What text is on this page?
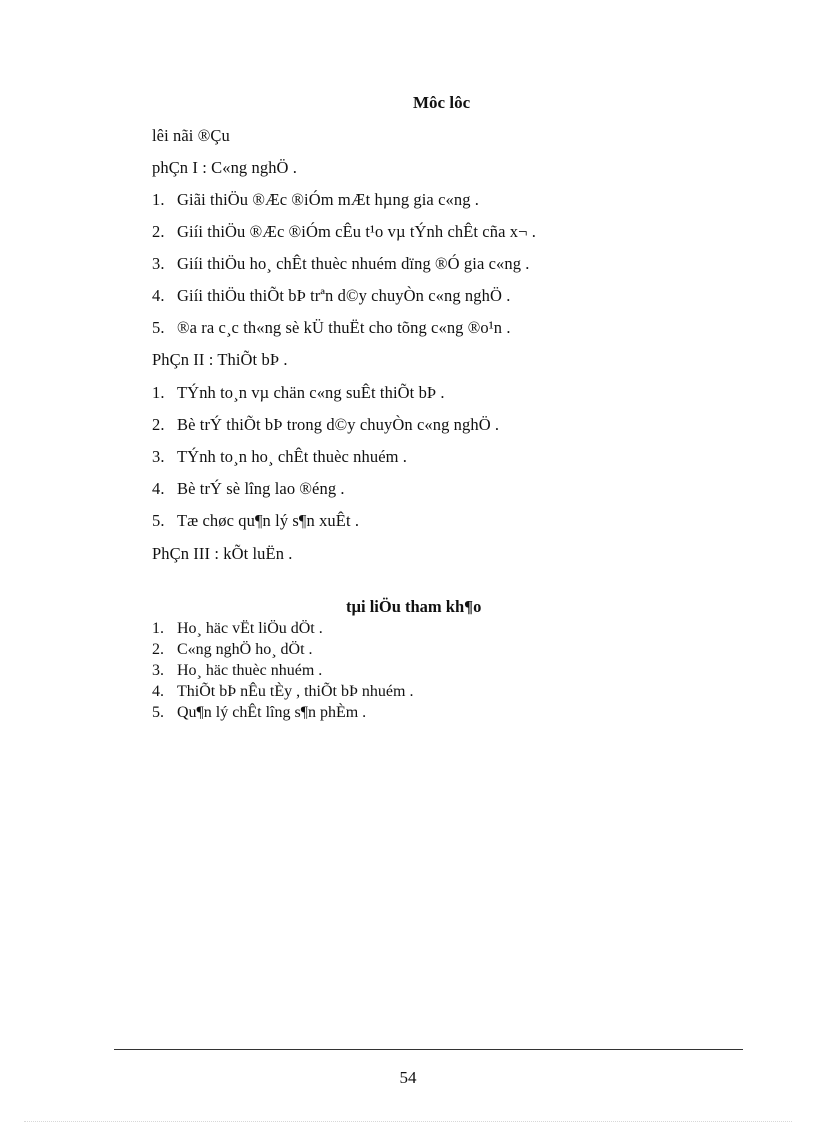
Môc lôc
lêi nãi ®Çu
phÇn I : C«ng nghÖ .
1. Giãi thiÖu ®Æc ®iÓm mÆt hµng gia c«ng .
2. Giíi thiÖu ®Æc ®iÓm cÊu t¹o vµ tÝnh chÊt cña x¬ .
3. Giíi thiÖu ho¸ chÊt thuèc nhuém dïng ®Ó gia c«ng .
4. Giíi thiÖu thiÕt bÞ trªn d©y chuyÒn c«ng nghÖ .
5. ®a ra c¸c th«ng sè kÜ thuËt cho tõng c«ng ®o¹n .
PhÇn II : ThiÕt bÞ .
1. TÝnh to¸n vµ chän c«ng suÊt thiÕt bÞ .
2. Bè trÝ thiÕt bÞ trong d©y chuyÒn c«ng nghÖ .
3. TÝnh to¸n ho¸ chÊt thuèc nhuém .
4. Bè trÝ sè lîng lao ®éng .
5. Tæ chøc qu¶n lý s¶n xuÊt .
PhÇn III : kÕt luËn .
tµi liÖu tham kh¶o
1. Ho¸ häc vËt liÖu dÖt .
2. C«ng nghÖ ho¸ dÖt .
3. Ho¸ häc thuèc nhuém .
4. ThiÕt bÞ nÊu tÈy , thiÕt bÞ nhuém .
5. Qu¶n lý chÊt lîng s¶n phÈm .
54
